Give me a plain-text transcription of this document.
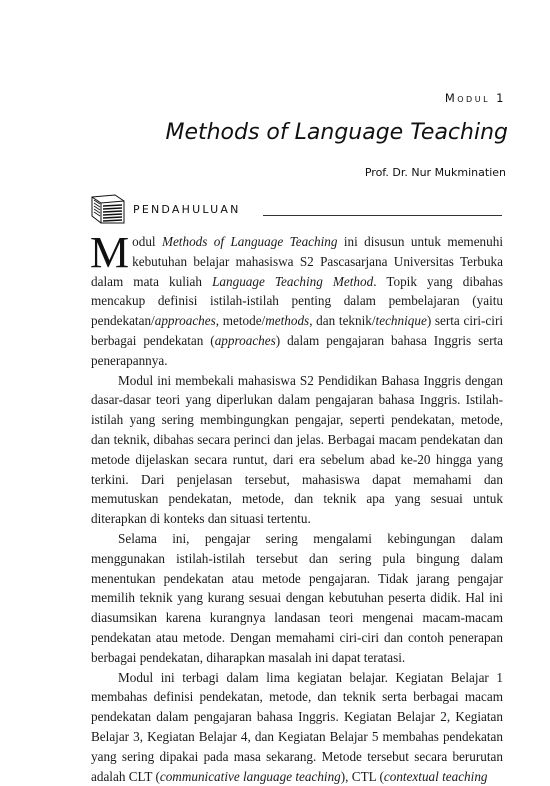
Modul 1
Methods of Language Teaching
Prof. Dr. Nur Mukminatien
PENDAHULUAN

Modul Methods of Language Teaching ini disusun untuk memenuhi kebutuhan belajar mahasiswa S2 Pascasarjana Universitas Terbuka dalam mata kuliah Language Teaching Method. Topik yang dibahas mencakup definisi istilah-istilah penting dalam pembelajaran (yaitu pendekatan/approaches, metode/methods, dan teknik/technique) serta ciri-ciri berbagai pendekatan (approaches) dalam pengajaran bahasa Inggris serta penerapannya.

Modul ini membekali mahasiswa S2 Pendidikan Bahasa Inggris dengan dasar-dasar teori yang diperlukan dalam pengajaran bahasa Inggris. Istilah-istilah yang sering membingungkan pengajar, seperti pendekatan, metode, dan teknik, dibahas secara perinci dan jelas. Berbagai macam pendekatan dan metode dijelaskan secara runtut, dari era sebelum abad ke-20 hingga yang terkini. Dari penjelasan tersebut, mahasiswa dapat memahami dan memutuskan pendekatan, metode, dan teknik apa yang sesuai untuk diterapkan di konteks dan situasi tertentu.

Selama ini, pengajar sering mengalami kebingungan dalam menggunakan istilah-istilah tersebut dan sering pula bingung dalam menentukan pendekatan atau metode pengajaran. Tidak jarang pengajar memilih teknik yang kurang sesuai dengan kebutuhan peserta didik. Hal ini diasumsikan karena kurangnya landasan teori mengenai macam-macam pendekatan atau metode. Dengan memahami ciri-ciri dan contoh penerapan berbagai pendekatan, diharapkan masalah ini dapat teratasi.

Modul ini terbagi dalam lima kegiatan belajar. Kegiatan Belajar 1 membahas definisi pendekatan, metode, dan teknik serta berbagai macam pendekatan dalam pengajaran bahasa Inggris. Kegiatan Belajar 2, Kegiatan Belajar 3, Kegiatan Belajar 4, dan Kegiatan Belajar 5 membahas pendekatan yang sering dipakai pada masa sekarang. Metode tersebut secara berurutan adalah CLT (communicative language teaching), CTL (contextual teaching
